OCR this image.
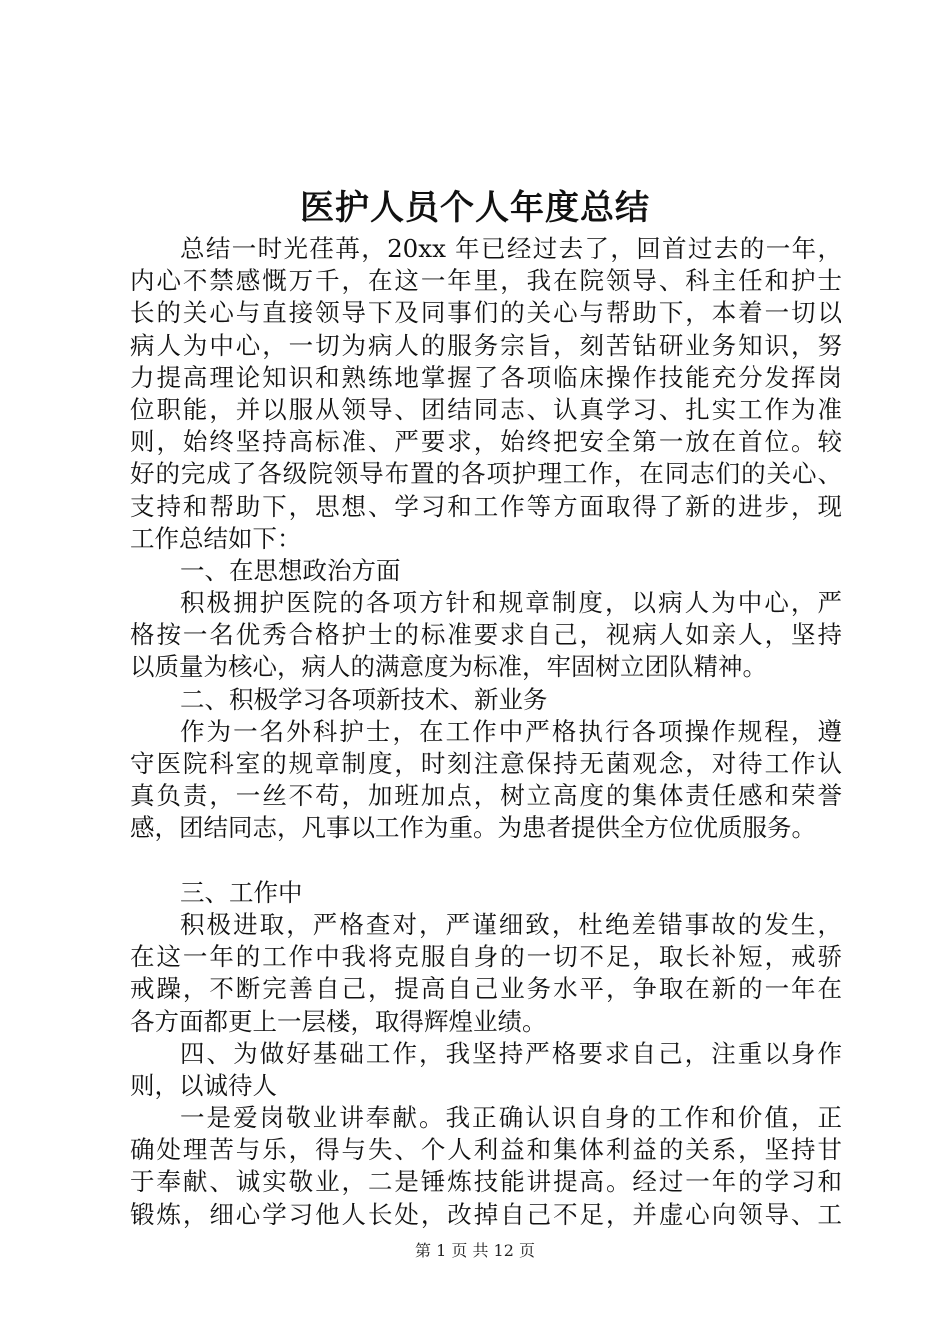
医护人员个人年度总结
总结一时光荏苒，20xx 年已经过去了，回首过去的一年，
内心不禁感慨万千，在这一年里，我在院领导、科主任和护士
长的关心与直接领导下及同事们的关心与帮助下，本着一切以
病人为中心，一切为病人的服务宗旨，刻苦钻研业务知识，努
力提高理论知识和熟练地掌握了各项临床操作技能充分发挥岗
位职能，并以服从领导、团结同志、认真学习、扎实工作为准
则，始终坚持高标准、严要求，始终把安全第一放在首位。较
好的完成了各级院领导布置的各项护理工作，在同志们的关心、
支持和帮助下，思想、学习和工作等方面取得了新的进步，现
工作总结如下：
一、在思想政治方面
积极拥护医院的各项方针和规章制度，以病人为中心，严
格按一名优秀合格护士的标准要求自己，视病人如亲人，坚持
以质量为核心，病人的满意度为标准，牢固树立团队精神。
二、积极学习各项新技术、新业务
作为一名外科护士，在工作中严格执行各项操作规程，遵
守医院科室的规章制度，时刻注意保持无菌观念，对待工作认
真负责，一丝不苟，加班加点，树立高度的集体责任感和荣誉
感，团结同志，凡事以工作为重。为患者提供全方位优质服务。
三、工作中
积极进取，严格查对，严谨细致，杜绝差错事故的发生，
在这一年的工作中我将克服自身的一切不足，取长补短，戒骄
戒躁，不断完善自己，提高自己业务水平，争取在新的一年在
各方面都更上一层楼，取得辉煌业绩。
四、为做好基础工作，我坚持严格要求自己，注重以身作
则，以诚待人
一是爱岗敬业讲奉献。我正确认识自身的工作和价值，正
确处理苦与乐，得与失、个人利益和集体利益的关系，坚持甘
于奉献、诚实敬业，二是锤炼技能讲提高。经过一年的学习和
锻炼，细心学习他人长处，改掉自己不足，并虚心向领导、工
第 1 页 共 12 页
